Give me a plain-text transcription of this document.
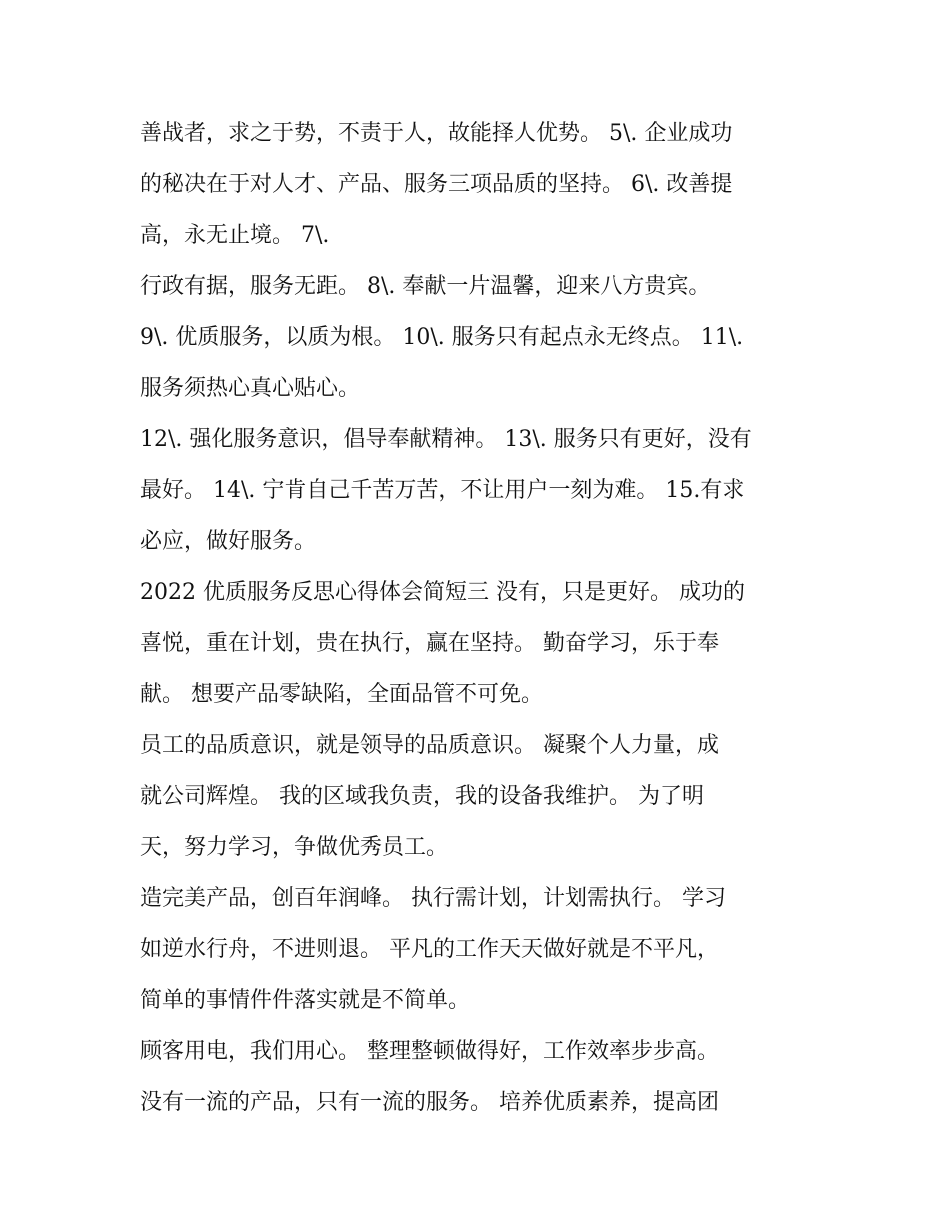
善战者，求之于势，不责于人，故能择人优势。 5\. 企业成功
的秘决在于对人才、产品、服务三项品质的坚持。 6\. 改善提
高，永无止境。 7\.
行政有据，服务无距。 8\. 奉献一片温馨，迎来八方贵宾。
9\. 优质服务，以质为根。 10\. 服务只有起点永无终点。 11\.
服务须热心真心贴心。
12\. 强化服务意识，倡导奉献精神。 13\. 服务只有更好，没有
最好。 14\. 宁肯自己千苦万苦，不让用户一刻为难。 15.有求
必应，做好服务。
2022 优质服务反思心得体会简短三 没有，只是更好。 成功的
喜悦，重在计划，贵在执行，赢在坚持。 勤奋学习，乐于奉
献。 想要产品零缺陷，全面品管不可免。
员工的品质意识，就是领导的品质意识。 凝聚个人力量，成
就公司辉煌。 我的区域我负责，我的设备我维护。 为了明
天，努力学习，争做优秀员工。
造完美产品，创百年润峰。 执行需计划，计划需执行。 学习
如逆水行舟，不进则退。 平凡的工作天天做好就是不平凡，
简单的事情件件落实就是不简单。
顾客用电，我们用心。 整理整顿做得好，工作效率步步高。
没有一流的产品，只有一流的服务。 培养优质素养，提高团
